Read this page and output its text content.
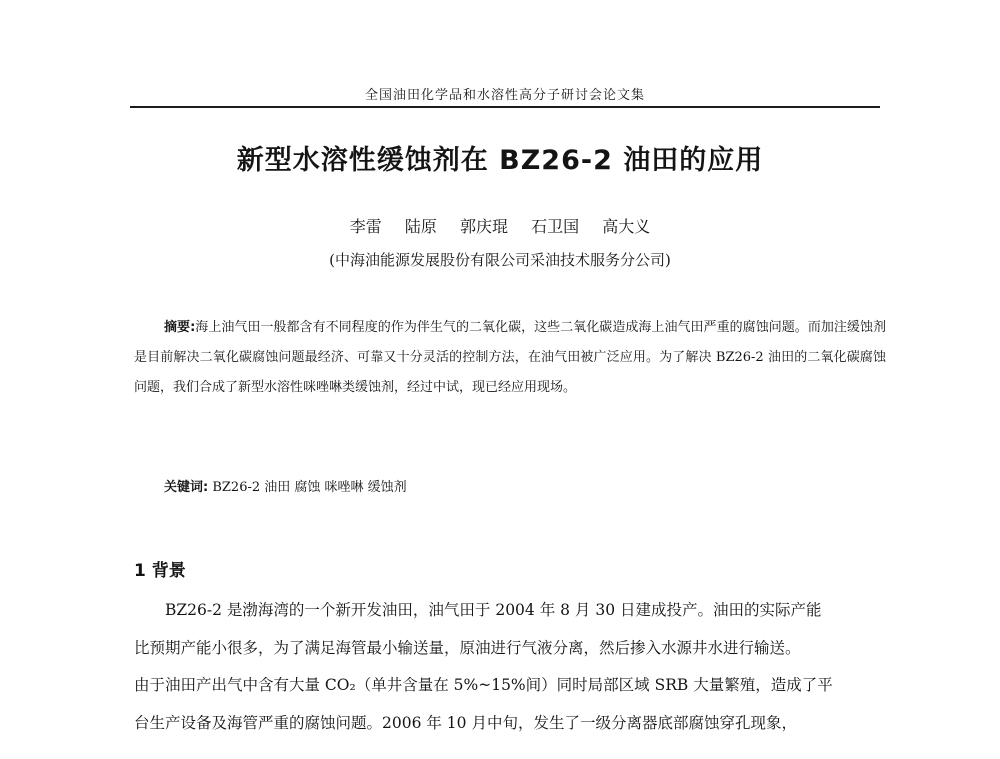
全国油田化学品和水溶性高分子研讨会论文集
新型水溶性缓蚀剂在 BZ26-2 油田的应用
李雷 陆原 郭庆琨 石卫国 高大义
(中海油能源发展股份有限公司采油技术服务分公司)
摘要:海上油气田一般都含有不同程度的作为伴生气的二氧化碳，这些二氧化碳造成海上油气田严重的腐蚀问题。而加注缓蚀剂是目前解决二氧化碳腐蚀问题最经济、可靠又十分灵活的控制方法，在油气田被广泛应用。为了解决 BZ26-2 油田的二氧化碳腐蚀问题，我们合成了新型水溶性咪唑啉类缓蚀剂，经过中试，现已经应用现场。
关键词: BZ26-2 油田 腐蚀 咪唑啉 缓蚀剂
1 背景
BZ26-2 是渤海湾的一个新开发油田，油气田于 2004 年 8 月 30 日建成投产。油田的实际产能
比预期产能小很多，为了满足海管最小输送量，原油进行气液分离，然后掺入水源井水进行输送。
由于油田产出气中含有大量 CO₂（单井含量在 5%~15%间）同时局部区域 SRB 大量繁殖，造成了平
台生产设备及海管严重的腐蚀问题。2006 年 10 月中旬，发生了一级分离器底部腐蚀穿孔现象，
